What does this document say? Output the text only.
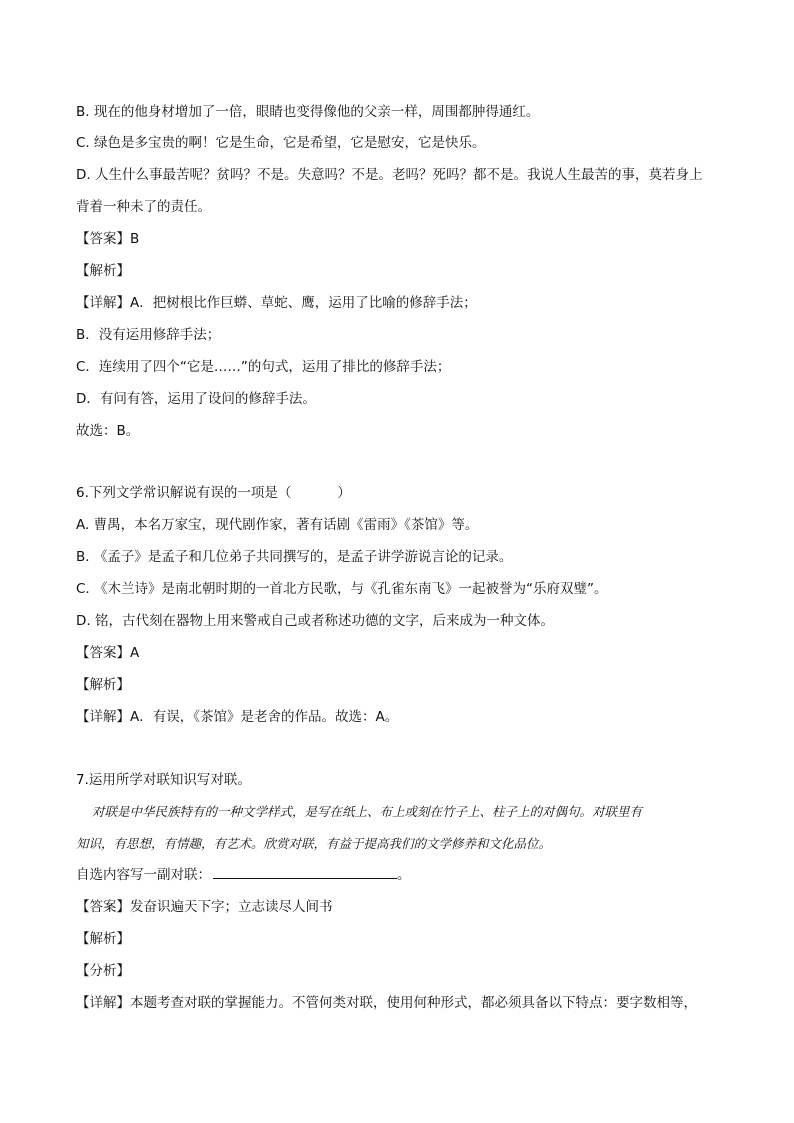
B. 现在的他身材增加了一倍，眼睛也变得像他的父亲一样，周围都肿得通红。
C. 绿色是多宝贵的啊！它是生命，它是希望，它是慰安，它是快乐。
D. 人生什么事最苦呢？贫吗？不是。失意吗？不是。老吗？死吗？都不是。我说人生最苦的事，莫若身上
背着一种未了的责任。
【答案】B
【解析】
【详解】A．把树根比作巨蟒、草蛇、鹰，运用了比喻的修辞手法；
B．没有运用修辞手法；
C．连续用了四个“它是……”的句式，运用了排比的修辞手法；
D．有问有答，运用了设问的修辞手法。
故选：B。
6.下列文学常识解说有误的一项是（	）
A. 曹禺，本名万家宝，现代剧作家，著有话剧《雷雨》《茶馆》等。
B. 《孟子》是孟子和几位弟子共同撰写的，是孟子讲学游说言论的记录。
C. 《木兰诗》是南北朝时期的一首北方民歌，与《孔雀东南飞》一起被誉为“乐府双璧”。
D. 铭，古代刻在器物上用来警戒自己或者称述功德的文字，后来成为一种文体。
【答案】A
【解析】
【详解】A．有误，《茶馆》是老舍的作品。故选：A。
7.运用所学对联知识写对联。
对联是中华民族特有的一种文学样式，是写在纸上、布上或刻在竹子上、柱子上的对偶句。对联里有
知识，有思想，有情趣，有艺术。欣赏对联，有益于提高我们的文学修养和文化品位。
自选内容写一副对联：	。
【答案】发奋识遍天下字；立志读尽人间书
【解析】
【分析】
【详解】本题考查对联的掌握能力。不管何类对联，使用何种形式，都必须具备以下特点：要字数相等，
